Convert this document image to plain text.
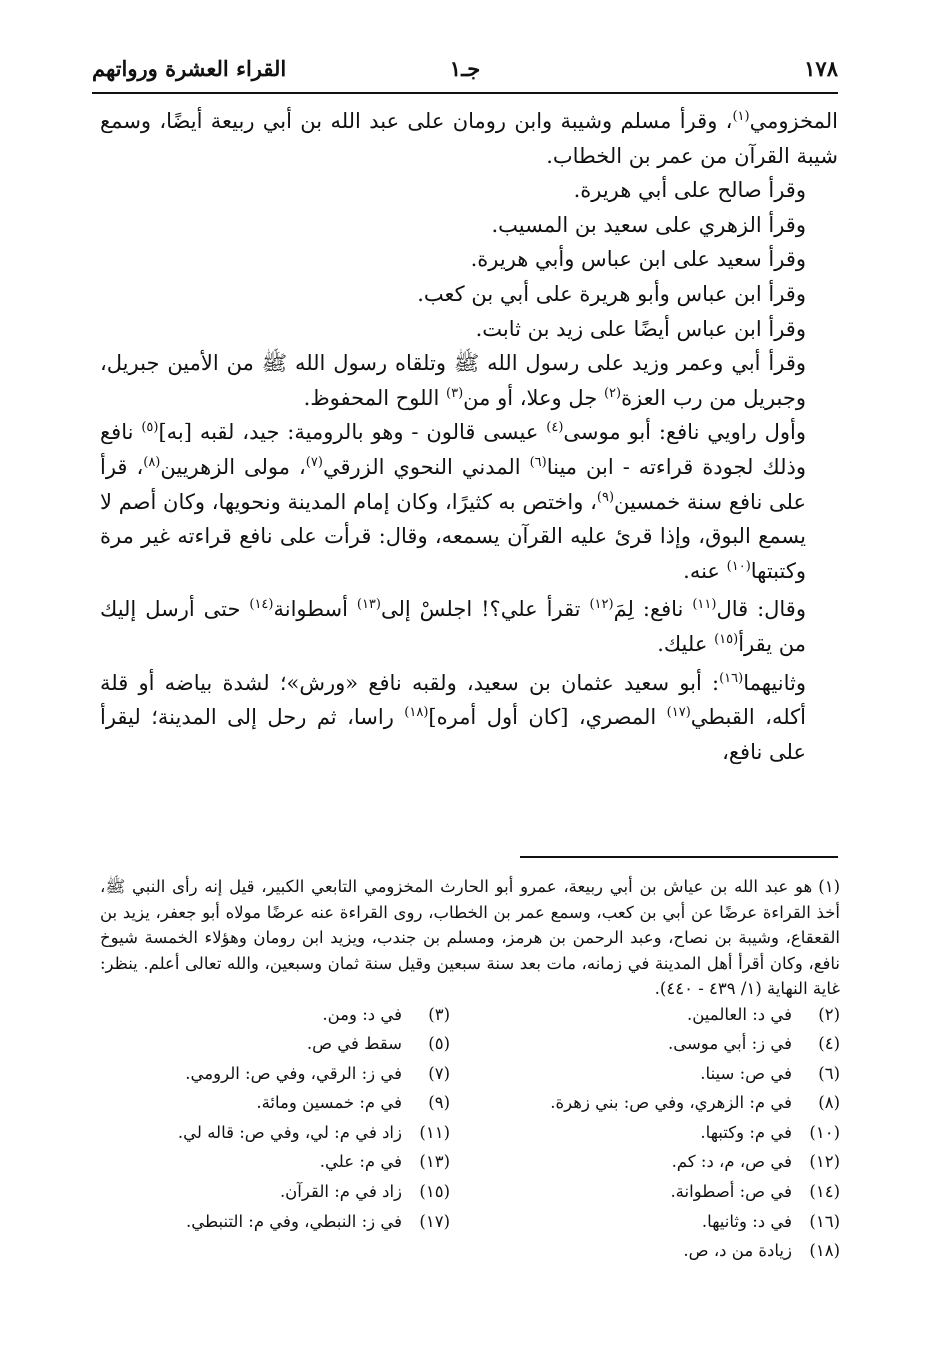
١٧٨
جـ١
القراء العشرة ورواتهم

المخزومي$^{(١)}$، وقرأ مسلم وشيبة وابن رومان على عبد الله بن أبي ربيعة أيضًا، وسمع شيبة القرآن من عمر بن الخطاب.

وقرأ صالح على أبي هريرة.

وقرأ الزهري على سعيد بن المسيب.

وقرأ سعيد على ابن عباس وأبي هريرة.

وقرأ ابن عباس وأبو هريرة على أبي بن كعب.

وقرأ ابن عباس أيضًا على زيد بن ثابت.

وقرأ أبي وعمر وزيد على رسول الله ﷺ وتلقاه رسول الله ﷺ من الأمين جبريل، وجبريل من رب العزة$^{(٢)}$ جل وعلا، أو من$^{(٣)}$ اللوح المحفوظ.

وأول راويي نافع: أبو موسى$^{(٤)}$ عيسى قالون - وهو بالرومية: جيد، لقبه [به]$^{(٥)}$ نافع وذلك لجودة قراءته - ابن مينا$^{(٦)}$ المدني النحوي الزرقي$^{(٧)}$، مولى الزهريين$^{(٨)}$، قرأ على نافع سنة خمسين$^{(٩)}$، واختص به كثيرًا، وكان إمام المدينة ونحويها، وكان أصم لا يسمع البوق، وإذا قرئ عليه القرآن يسمعه، وقال: قرأت على نافع قراءته غير مرة وكتبتها$^{(١٠)}$ عنه.

وقال: قال$^{(١١)}$ نافع: لِمَ$^{(١٢)}$ تقرأ علي؟! اجلسْ إلى$^{(١٣)}$ أسطوانة$^{(١٤)}$ حتى أرسل إليك من يقرأ$^{(١٥)}$ عليك.

وثانيهما$^{(١٦)}$: أبو سعيد عثمان بن سعيد، ولقبه نافع «ورش»؛ لشدة بياضه أو قلة أكله، القبطي$^{(١٧)}$ المصري، [كان أول أمره]$^{(١٨)}$ راسا، ثم رحل إلى المدينة؛ ليقرأ على نافع،

(١)هو عبد الله بن عياش بن أبي ربيعة، عمرو أبو الحارث المخزومي التابعي الكبير، قيل إنه رأى النبي ﷺ، أخذ القراءة عرضًا عن أبي بن كعب، وسمع عمر بن الخطاب، روى القراءة عنه عرضًا مولاه أبو جعفر، يزيد بن القعقاع، وشيبة بن نصاح، وعبد الرحمن بن هرمز، ومسلم بن جندب، ويزيد ابن رومان وهؤلاء الخمسة شيوخ نافع، وكان أقرأ أهل المدينة في زمانه، مات بعد سنة سبعين وقيل سنة ثمان وسبعين، والله تعالى أعلم. ينظر: غاية النهاية (١/ ٤٣٩ - ٤٤٠).
(٢)في د: العالمين.
(٤)في ز: أبي موسى.
(٦)في ص: سينا.
(٨)في م: الزهري، وفي ص: بني زهرة.
(١٠)في م: وكتبها.
(١٢)في ص، م، د: كم.
(١٤)في ص: أصطوانة.
(١٦)في د: وثانيها.
(١٨)زيادة من د، ص.
(٣)في د: ومن.
(٥)سقط في ص.
(٧)في ز: الرقي، وفي ص: الرومي.
(٩)في م: خمسين ومائة.
(١١)زاد في م: لي، وفي ص: قاله لي.
(١٣)في م: علي.
(١٥)زاد في م: القرآن.
(١٧)في ز: النبطي، وفي م: التنبطي.
